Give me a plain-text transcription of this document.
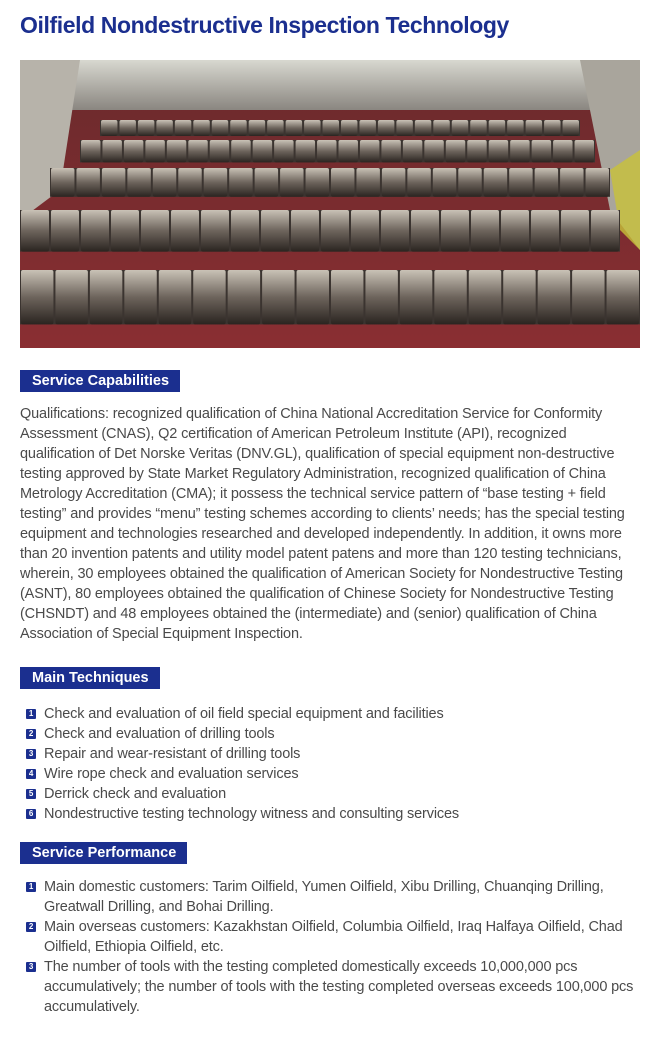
Oilfield Nondestructive Inspection Technology
Service Capabilities

Qualifications: recognized qualification of China National Accreditation Service for Conformity Assessment (CNAS), Q2 certification of American Petroleum Institute (API), recognized qualification of Det Norske Veritas (DNV.GL), qualification of special equipment non-destructive testing approved by State Market Regulatory Administration, recognized qualification of China Metrology Accreditation (CMA); it possess the technical service pattern of “base testing + field testing” and provides “menu” testing schemes according to clients’ needs; has the special testing equipment and technologies researched and developed independently. In addition, it owns more than 20 invention patents and utility model patent patens and more than 120 testing technicians, wherein, 30 employees obtained the qualification of American Society for Nondestructive Testing (ASNT), 80 employees obtained the qualification of Chinese Society for Nondestructive Testing (CHSNDT) and 48 employees obtained the (intermediate) and (senior) qualification of China Association of Special Equipment Inspection.

Main Techniques
1 Check and evaluation of oil field special equipment and facilities
2 Check and evaluation of drilling tools
3 Repair and wear-resistant of drilling tools
4 Wire rope check and evaluation services
5 Derrick check and evaluation
6 Nondestructive testing technology witness and consulting services
Service Performance
1 Main domestic customers: Tarim Oilfield, Yumen Oilfield, Xibu Drilling, Chuanqing Drilling, Greatwall Drilling, and Bohai Drilling.
2 Main overseas customers: Kazakhstan Oilfield, Columbia Oilfield, Iraq Halfaya Oilfield, Chad Oilfield, Ethiopia Oilfield, etc.
3 The number of tools with the testing completed domestically exceeds 10,000,000 pcs accumulatively; the number of tools with the testing completed overseas exceeds 100,000 pcs accumulatively.
